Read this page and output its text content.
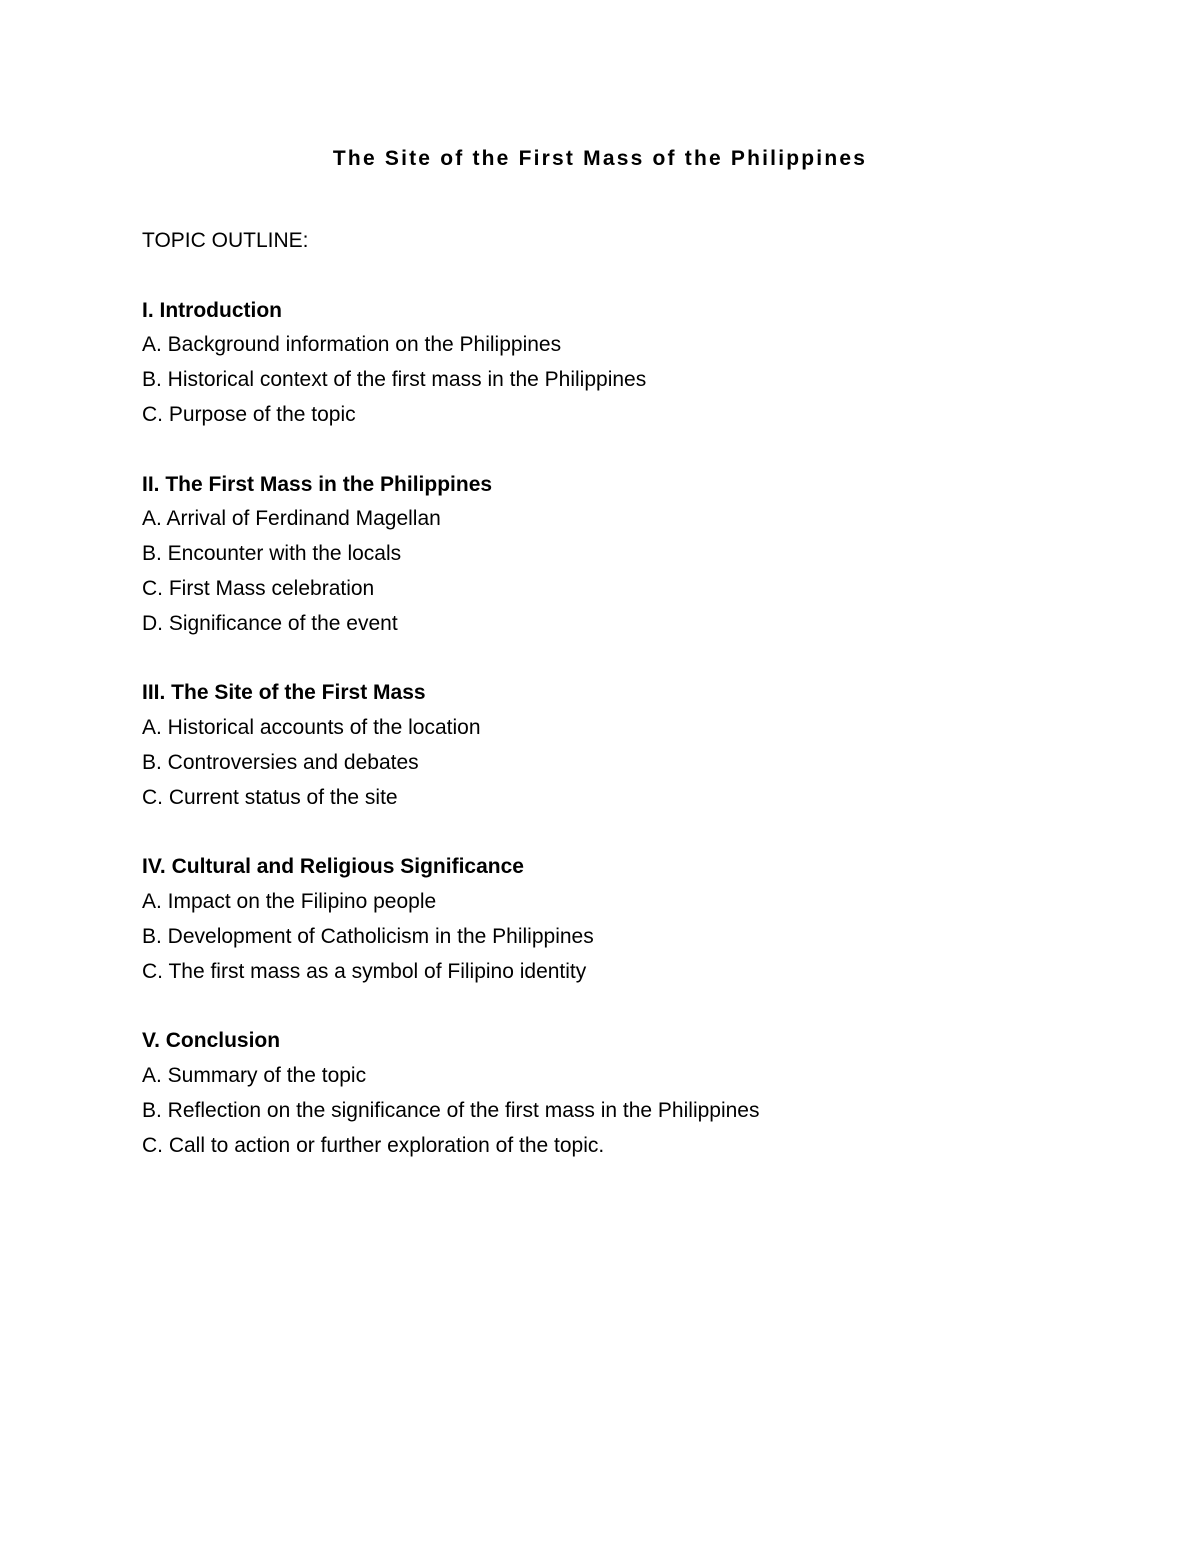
The Site of the First Mass of the Philippines
TOPIC OUTLINE:
I. Introduction
A. Background information on the Philippines
B. Historical context of the first mass in the Philippines
C. Purpose of the topic
II. The First Mass in the Philippines
A. Arrival of Ferdinand Magellan
B. Encounter with the locals
C. First Mass celebration
D. Significance of the event
III. The Site of the First Mass
A. Historical accounts of the location
B. Controversies and debates
C. Current status of the site
IV. Cultural and Religious Significance
A. Impact on the Filipino people
B. Development of Catholicism in the Philippines
C. The first mass as a symbol of Filipino identity
V. Conclusion
A. Summary of the topic
B. Reflection on the significance of the first mass in the Philippines
C. Call to action or further exploration of the topic.
